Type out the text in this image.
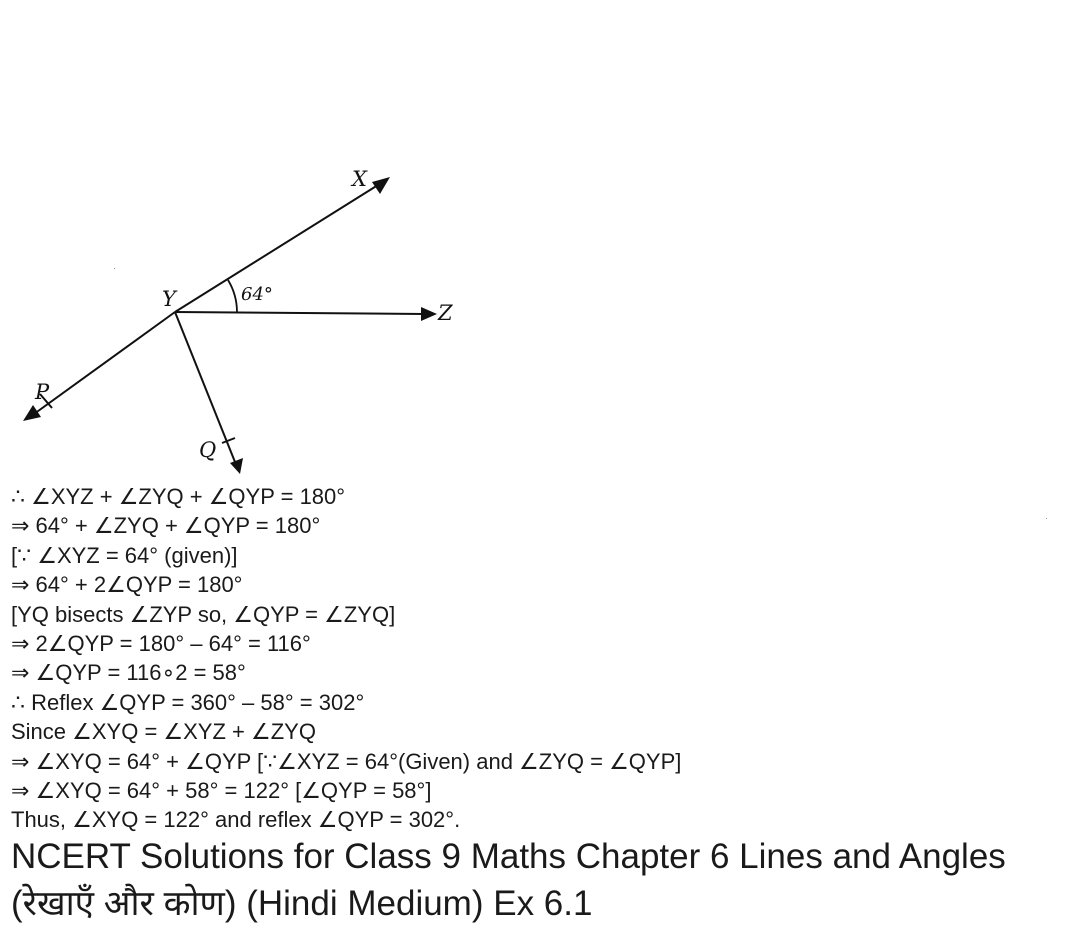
X
Y
Z
P
Q
64°
∴ ∠XYZ + ∠ZYQ + ∠QYP = 180°
⇒ 64° + ∠ZYQ + ∠QYP = 180°
[∵ ∠XYZ = 64° (given)]
⇒ 64° + 2∠QYP = 180°
[YQ bisects ∠ZYP so, ∠QYP = ∠ZYQ]
⇒ 2∠QYP = 180° – 64° = 116°
⇒ ∠QYP = 116∘2 = 58°
∴ Reflex ∠QYP = 360° – 58° = 302°
Since ∠XYQ = ∠XYZ + ∠ZYQ
⇒ ∠XYQ = 64° + ∠QYP [∵∠XYZ = 64°(Given) and ∠ZYQ = ∠QYP]
⇒ ∠XYQ = 64° + 58° = 122° [∠QYP = 58°]
Thus, ∠XYQ = 122° and reflex ∠QYP = 302°.
NCERT Solutions for Class 9 Maths Chapter 6 Lines and Angles (रेखाएँ और कोण) (Hindi Medium) Ex 6.1
